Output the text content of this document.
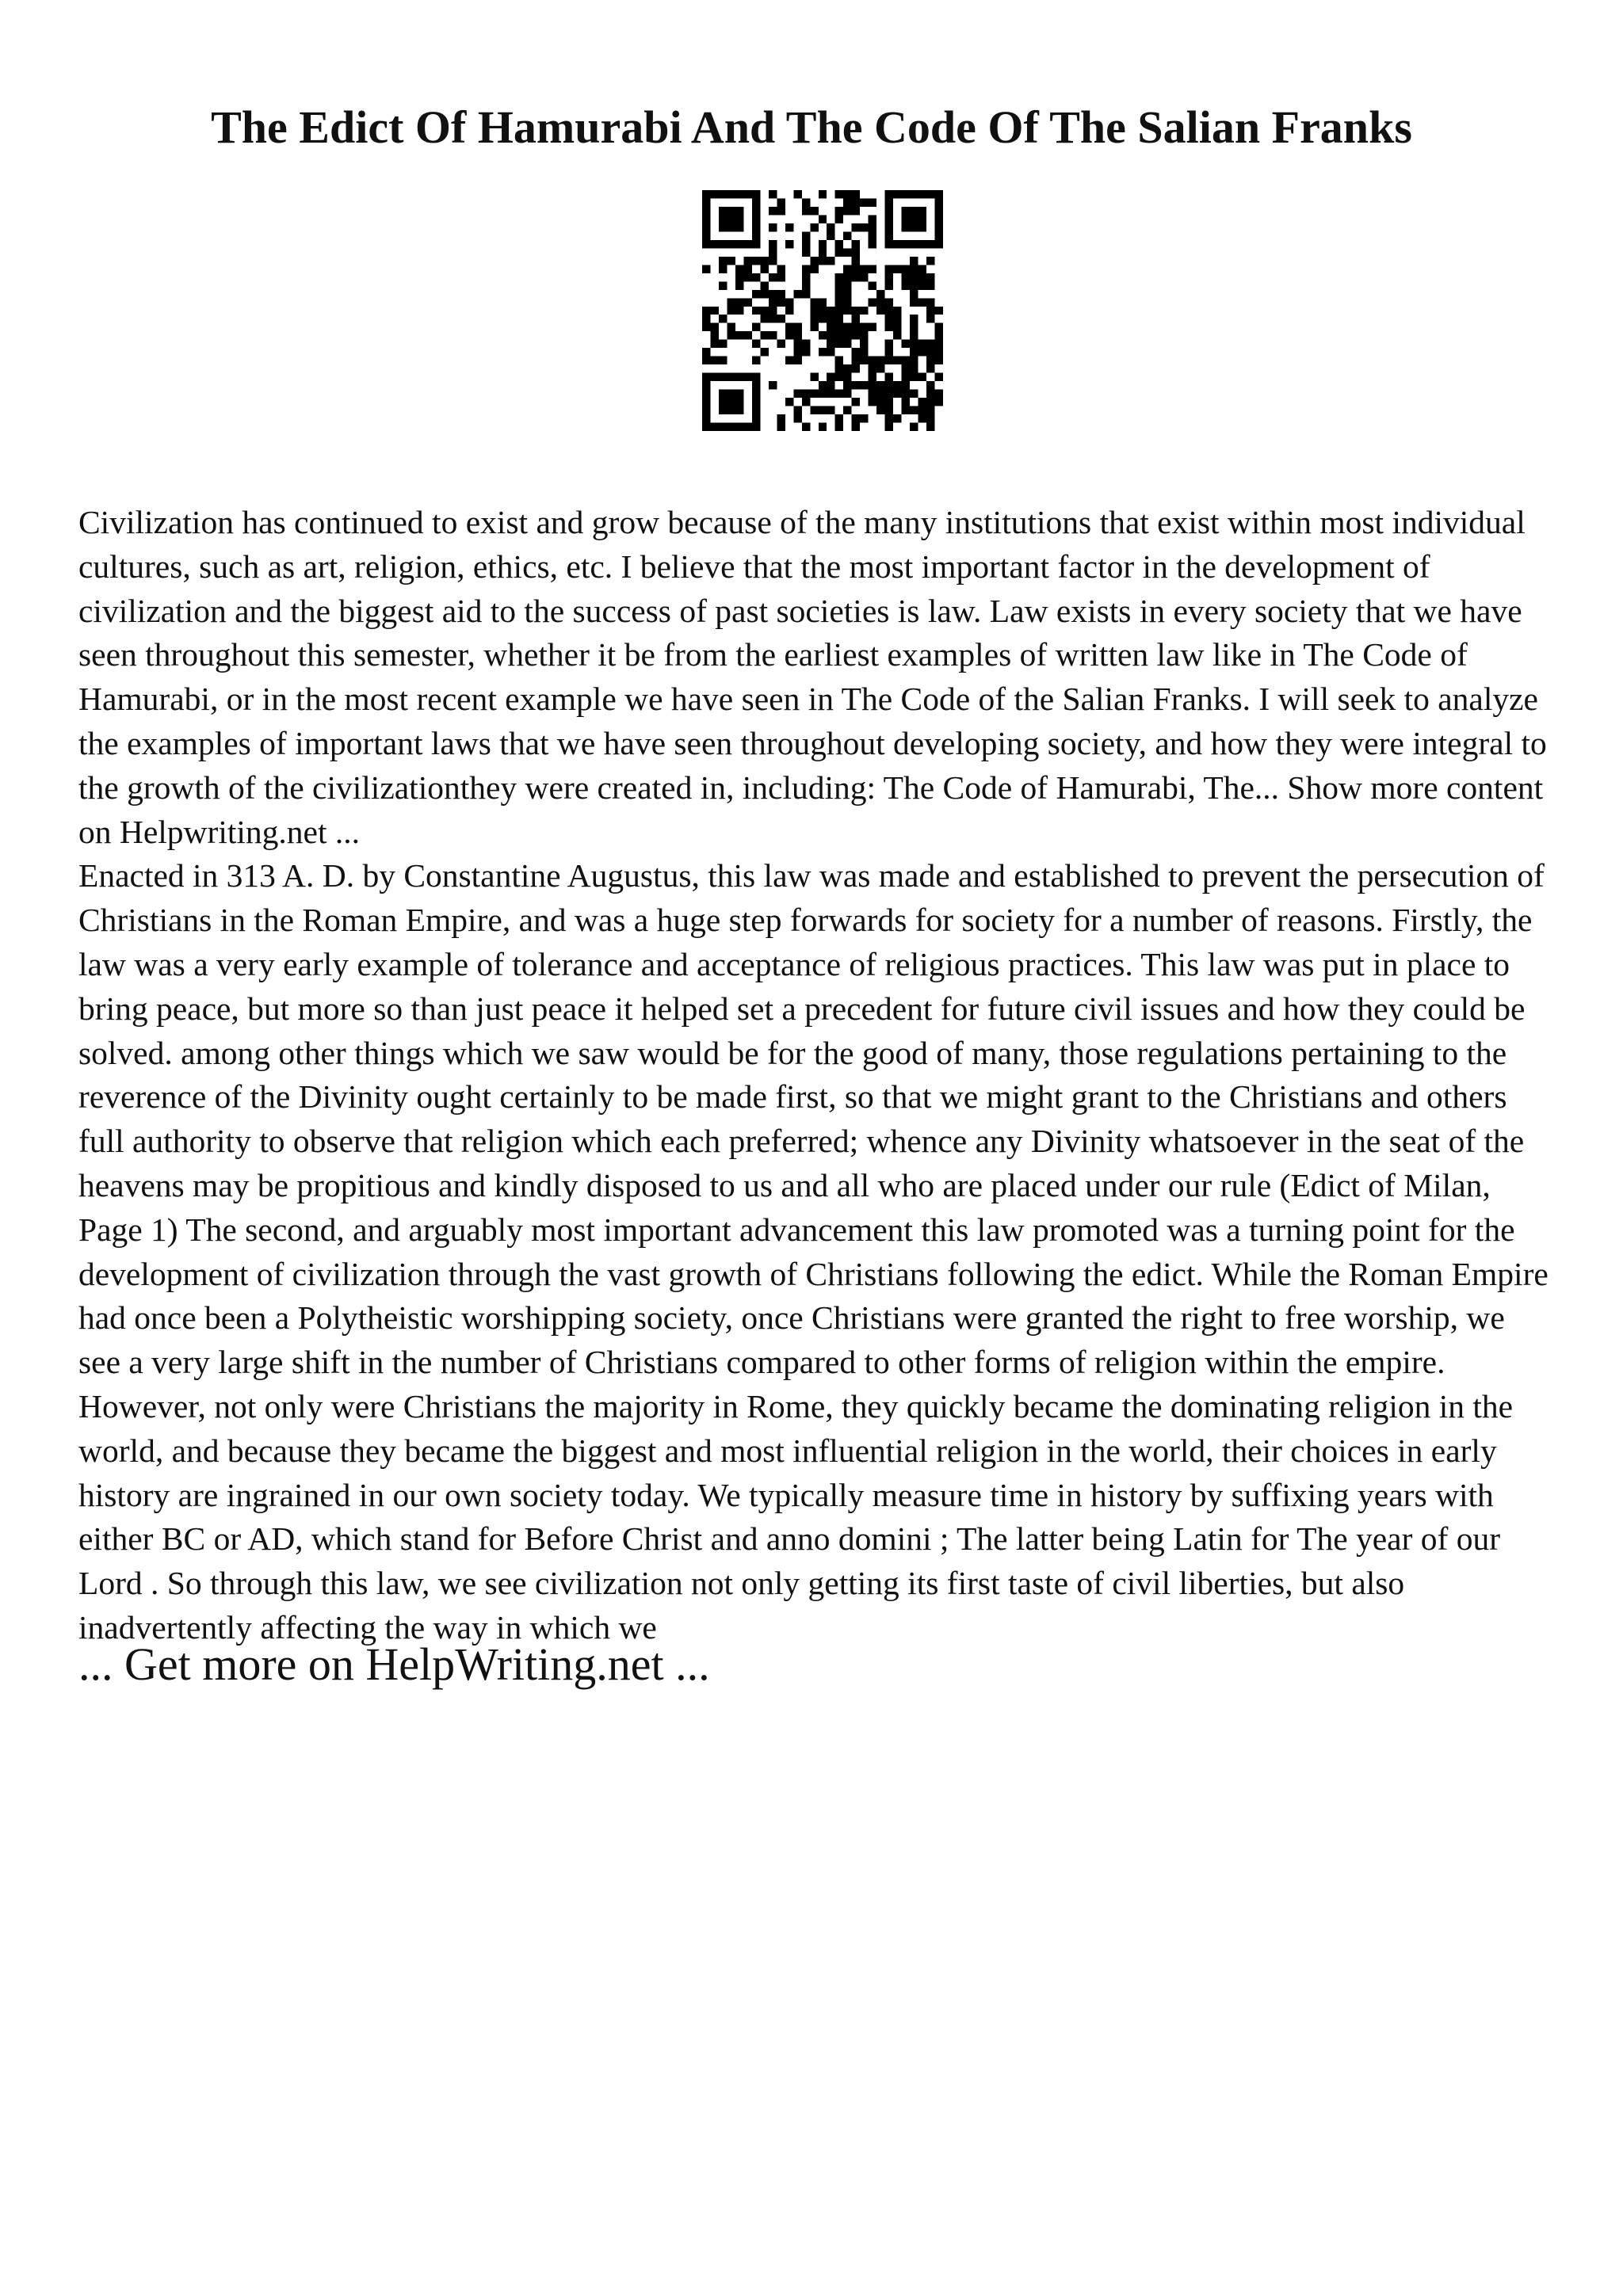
The Edict Of Hamurabi And The Code Of The Salian Franks

Civilization has continued to exist and grow because of the many institutions that exist within most individual cultures, such as art, religion, ethics, etc. I believe that the most important factor in the development of civilization and the biggest aid to the success of past societies is law. Law exists in every society that we have seen throughout this semester, whether it be from the earliest examples of written law like in The Code of Hamurabi, or in the most recent example we have seen in The Code of the Salian Franks. I will seek to analyze the examples of important laws that we have seen throughout developing society, and how they were integral to the growth of the civilizationthey were created in, including: The Code of Hamurabi, The... Show more content on Helpwriting.net ...

Enacted in 313 A. D. by Constantine Augustus, this law was made and established to prevent the persecution of Christians in the Roman Empire, and was a huge step forwards for society for a number of reasons. Firstly, the law was a very early example of tolerance and acceptance of religious practices. This law was put in place to bring peace, but more so than just peace it helped set a precedent for future civil issues and how they could be solved. among other things which we saw would be for the good of many, those regulations pertaining to the reverence of the Divinity ought certainly to be made first, so that we might grant to the Christians and others full authority to observe that religion which each preferred; whence any Divinity whatsoever in the seat of the heavens may be propitious and kindly disposed to us and all who are placed under our rule (Edict of Milan, Page 1) The second, and arguably most important advancement this law promoted was a turning point for the development of civilization through the vast growth of Christians following the edict. While the Roman Empire had once been a Polytheistic worshipping society, once Christians were granted the right to free worship, we see a very large shift in the number of Christians compared to other forms of religion within the empire. However, not only were Christians the majority in Rome, they quickly became the dominating religion in the world, and because they became the biggest and most influential religion in the world, their choices in early history are ingrained in our own society today. We typically measure time in history by suffixing years with either BC or AD, which stand for Before Christ and anno domini ; The latter being Latin for The year of our Lord . So through this law, we see civilization not only getting its first taste of civil liberties, but also inadvertently affecting the way in which we

... Get more on HelpWriting.net ...
